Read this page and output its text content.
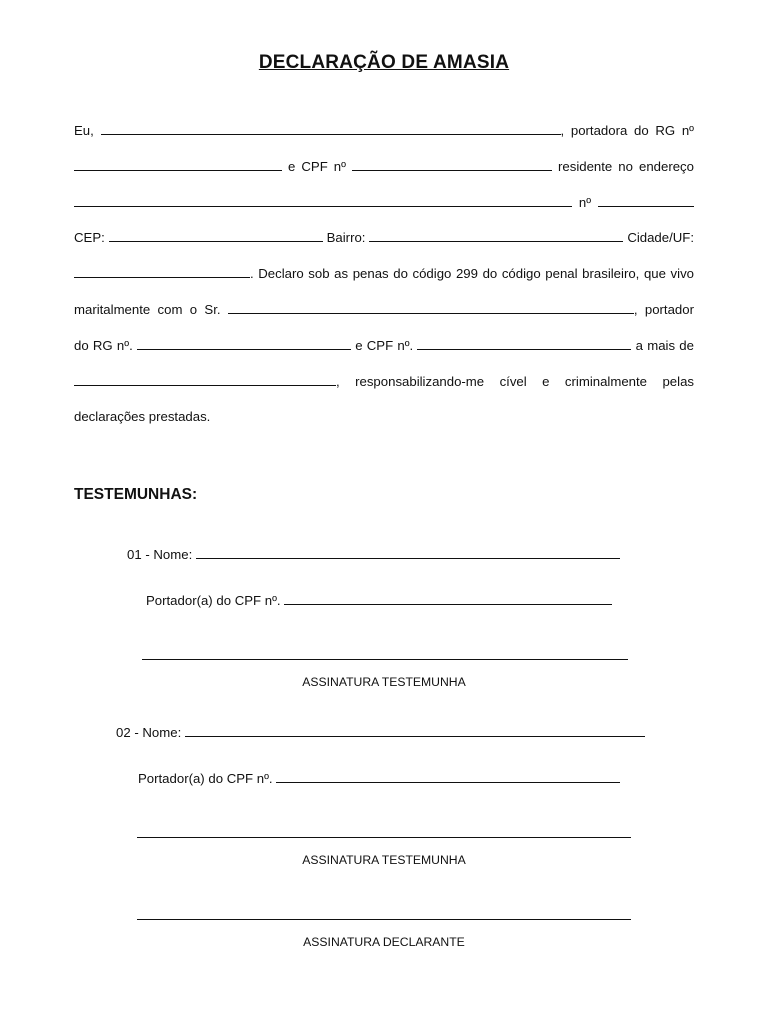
DECLARAÇÃO DE AMASIA

Eu,	, portadora do RG nº  e CPF nº	residente no endereço  nº  CEP:	Bairro:	Cidade/UF: . Declaro sob as penas do código 299 do código penal brasileiro, que vivo maritalmente com o Sr.	, portador do RG nº.	e CPF nº.	a mais de , responsabilizando-me cível e criminalmente pelas declarações prestadas.

TESTEMUNHAS:
01 - Nome:
Portador(a) do CPF nº.
ASSINATURA TESTEMUNHA
02 - Nome:
Portador(a) do CPF nº.
ASSINATURA TESTEMUNHA
ASSINATURA DECLARANTE
